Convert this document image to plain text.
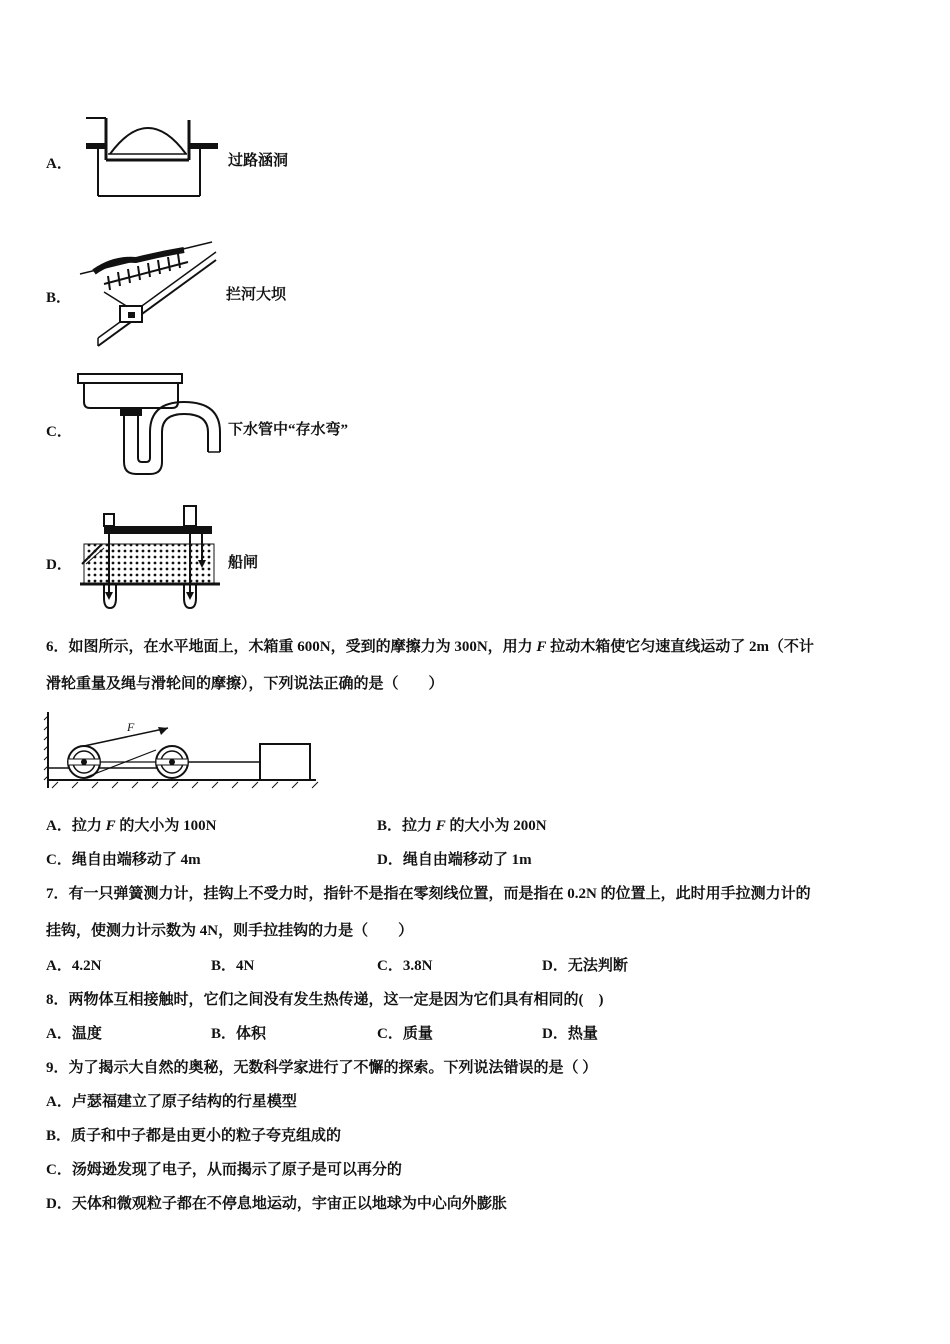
A．	过路涵洞
B．	拦河大坝
C．	下水管中“存水弯”
D．	船闸
6．如图所示，在水平地面上，木箱重 600N，受到的摩擦力为 300N，用力 F 拉动木箱使它匀速直线运动了 2m（不计
滑轮重量及绳与滑轮间的摩擦），下列说法正确的是（　　）
F
A．拉力 F 的大小为 100N	B．拉力 F 的大小为 200N
C．绳自由端移动了 4m	D．绳自由端移动了 1m
7．有一只弹簧测力计，挂钩上不受力时，指针不是指在零刻线位置，而是指在 0.2N 的位置上，此时用手拉测力计的
挂钩，使测力计示数为 4N，则手拉挂钩的力是（　　）
A．4.2N	B．4N	C．3.8N	D．无法判断
8．两物体互相接触时，它们之间没有发生热传递，这一定是因为它们具有相同的(　)
A．温度	B．体积	C．质量	D．热量
9．为了揭示大自然的奥秘，无数科学家进行了不懈的探索。下列说法错误的是（ ）
A．卢瑟福建立了原子结构的行星模型
B．质子和中子都是由更小的粒子夸克组成的
C．汤姆逊发现了电子，从而揭示了原子是可以再分的
D．天体和微观粒子都在不停息地运动，宇宙正以地球为中心向外膨胀
